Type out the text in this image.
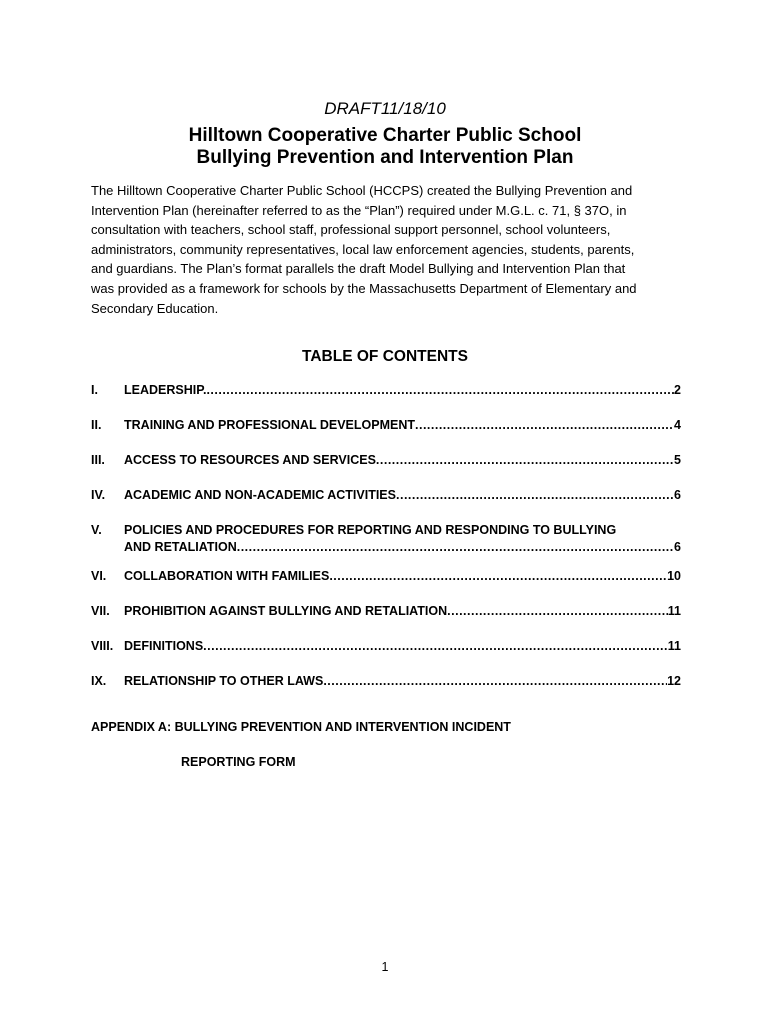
DRAFT11/18/10
Hilltown Cooperative Charter Public School
Bullying Prevention and Intervention Plan
The Hilltown Cooperative Charter Public School (HCCPS) created the Bullying Prevention and
Intervention Plan (hereinafter referred to as the “Plan”) required under M.G.L. c. 71, § 37O, in
consultation with teachers, school staff, professional support personnel, school volunteers,
administrators, community representatives, local law enforcement agencies, students, parents,
and guardians. The Plan’s format parallels the draft Model Bullying and Intervention Plan that
was provided as a framework for schools by the Massachusetts Department of Elementary and
Secondary Education.
TABLE OF CONTENTS
I.	LEADERSHIP. .....	2
II.	TRAINING AND PROFESSIONAL DEVELOPMENT .....	4
III.	ACCESS TO RESOURCES AND SERVICES .....	5
IV.	ACADEMIC AND NON-ACADEMIC ACTIVITIES .....	6
V.	POLICIES AND PROCEDURES FOR REPORTING AND RESPONDING TO BULLYING
AND RETALIATION .....	6
VI.	COLLABORATION WITH FAMILIES .....	10
VII.	PROHIBITION AGAINST BULLYING AND RETALIATION .....	11
VIII. DEFINITIONS .....	11
IX.	RELATIONSHIP TO OTHER LAWS .....	12
APPENDIX A: BULLYING PREVENTION AND INTERVENTION INCIDENT
REPORTING FORM
1
